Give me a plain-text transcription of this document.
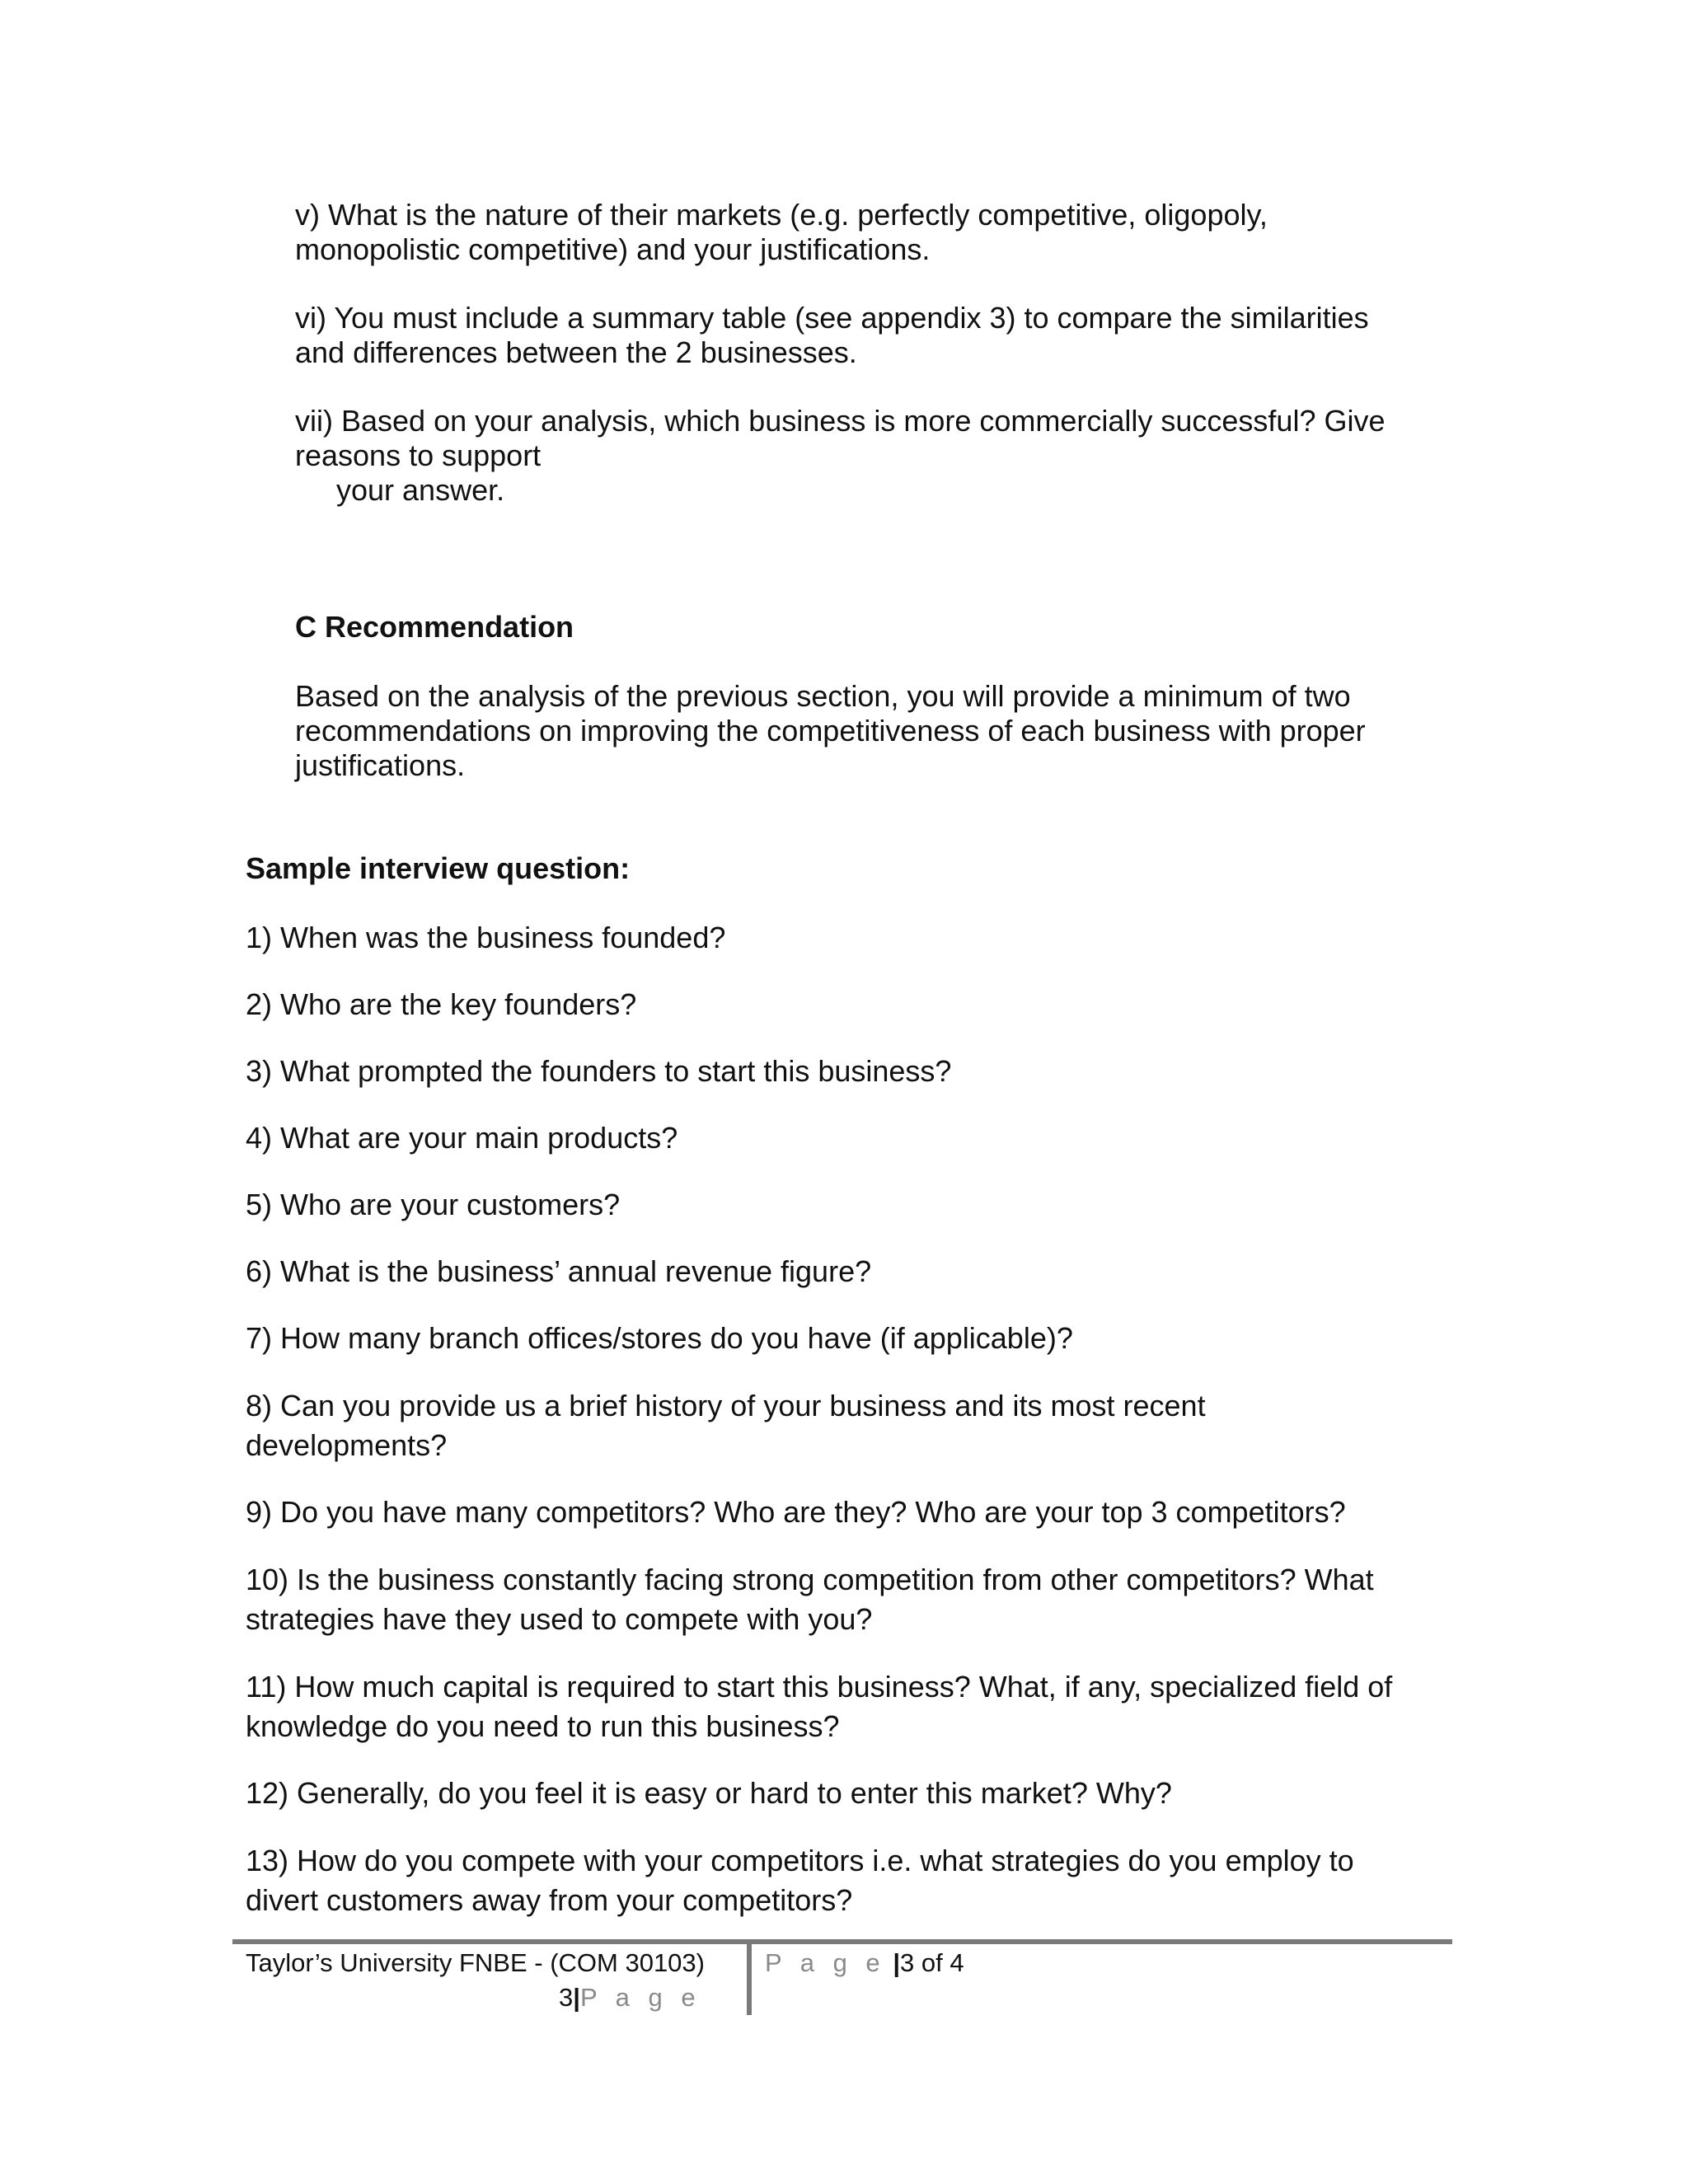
v) What is the nature of their markets (e.g. perfectly competitive, oligopoly,
monopolistic competitive) and your justifications.
vi) You must include a summary table (see appendix 3) to compare the similarities
and differences between the 2 businesses.
vii) Based on your analysis, which business is more commercially successful? Give
reasons to support
your answer.
C Recommendation
Based on the analysis of the previous section, you will provide a minimum of two
recommendations on improving the competitiveness of each business with proper
justifications.
Sample interview question:
1) When was the business founded?
2) Who are the key founders?
3) What prompted the founders to start this business?
4) What are your main products?
5) Who are your customers?
6) What is the business’ annual revenue figure?
7) How many branch offices/stores do you have (if applicable)?
8) Can you provide us a brief history of your business and its most recent
developments?
9) Do you have many competitors? Who are they? Who are your top 3 competitors?
10) Is the business constantly facing strong competition from other competitors? What
strategies have they used to compete with you?
11) How much capital is required to start this business? What, if any, specialized field of
knowledge do you need to run this business?
12) Generally, do you feel it is easy or hard to enter this market? Why?
13) How do you compete with your competitors i.e. what strategies do you employ to
divert customers away from your competitors?
Taylor’s University FNBE - (COM 30103)
3|P a g e
P a g e |3 of 4
